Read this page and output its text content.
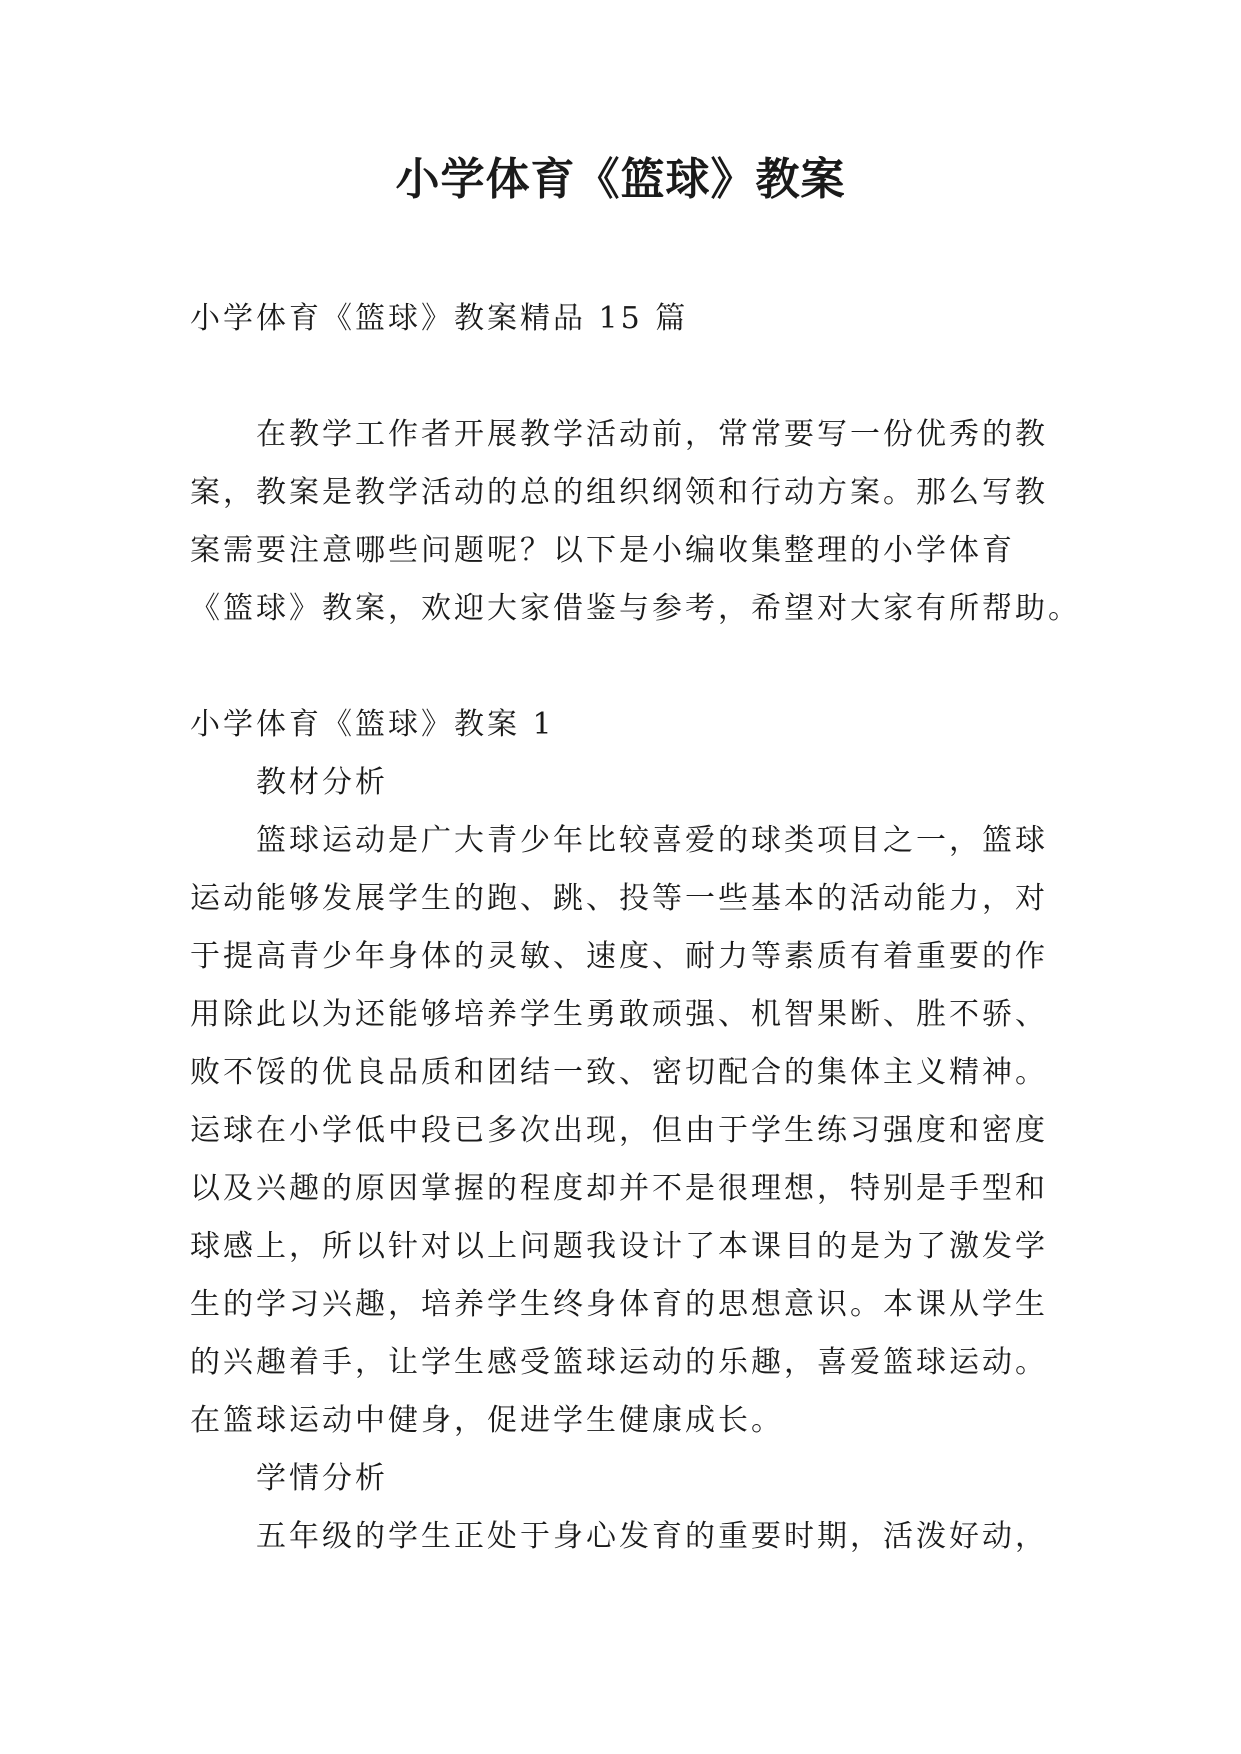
小学体育《篮球》教案
小学体育《篮球》教案精品 15 篇
在教学工作者开展教学活动前，常常要写一份优秀的教
案，教案是教学活动的总的组织纲领和行动方案。那么写教
案需要注意哪些问题呢？以下是小编收集整理的小学体育
《篮球》教案，欢迎大家借鉴与参考，希望对大家有所帮助。
小学体育《篮球》教案 1
教材分析
篮球运动是广大青少年比较喜爱的球类项目之一，篮球
运动能够发展学生的跑、跳、投等一些基本的活动能力，对
于提高青少年身体的灵敏、速度、耐力等素质有着重要的作
用除此以为还能够培养学生勇敢顽强、机智果断、胜不骄、
败不馁的优良品质和团结一致、密切配合的集体主义精神。
运球在小学低中段已多次出现，但由于学生练习强度和密度
以及兴趣的原因掌握的程度却并不是很理想，特别是手型和
球感上，所以针对以上问题我设计了本课目的是为了激发学
生的学习兴趣，培养学生终身体育的思想意识。本课从学生
的兴趣着手，让学生感受篮球运动的乐趣，喜爱篮球运动。
在篮球运动中健身，促进学生健康成长。
学情分析
五年级的学生正处于身心发育的重要时期，活泼好动，
